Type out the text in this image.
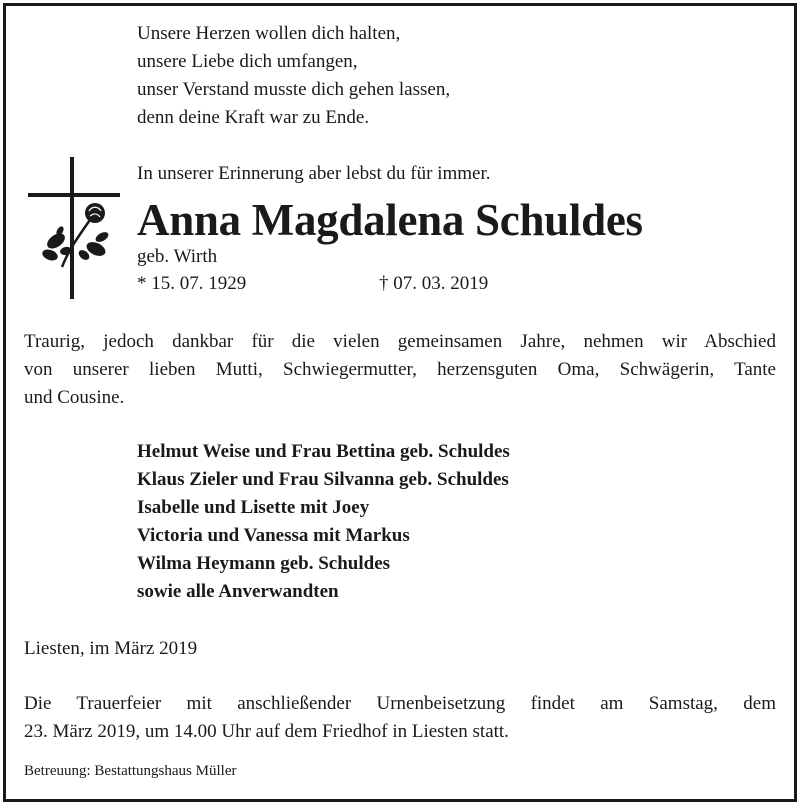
Unsere Herzen wollen dich halten,
unsere Liebe dich umfangen,
unser Verstand musste dich gehen lassen,
denn deine Kraft war zu Ende.
In unserer Erinnerung aber lebst du für immer.
Anna Magdalena Schuldes
geb. Wirth
* 15. 07. 1929	† 07. 03. 2019
Traurig, jedoch dankbar für die vielen gemeinsamen Jahre, nehmen wir Abschied
von unserer lieben Mutti, Schwiegermutter, herzensguten Oma, Schwägerin, Tante
und Cousine.
Helmut Weise und Frau Bettina geb. Schuldes
Klaus Zieler und Frau Silvanna geb. Schuldes
Isabelle und Lisette mit Joey
Victoria und Vanessa mit Markus
Wilma Heymann geb. Schuldes
sowie alle Anverwandten
Liesten, im März 2019
Die Trauerfeier mit anschließender Urnenbeisetzung findet am Samstag, dem
23. März 2019, um 14.00 Uhr auf dem Friedhof in Liesten statt.
Betreuung: Bestattungshaus Müller
